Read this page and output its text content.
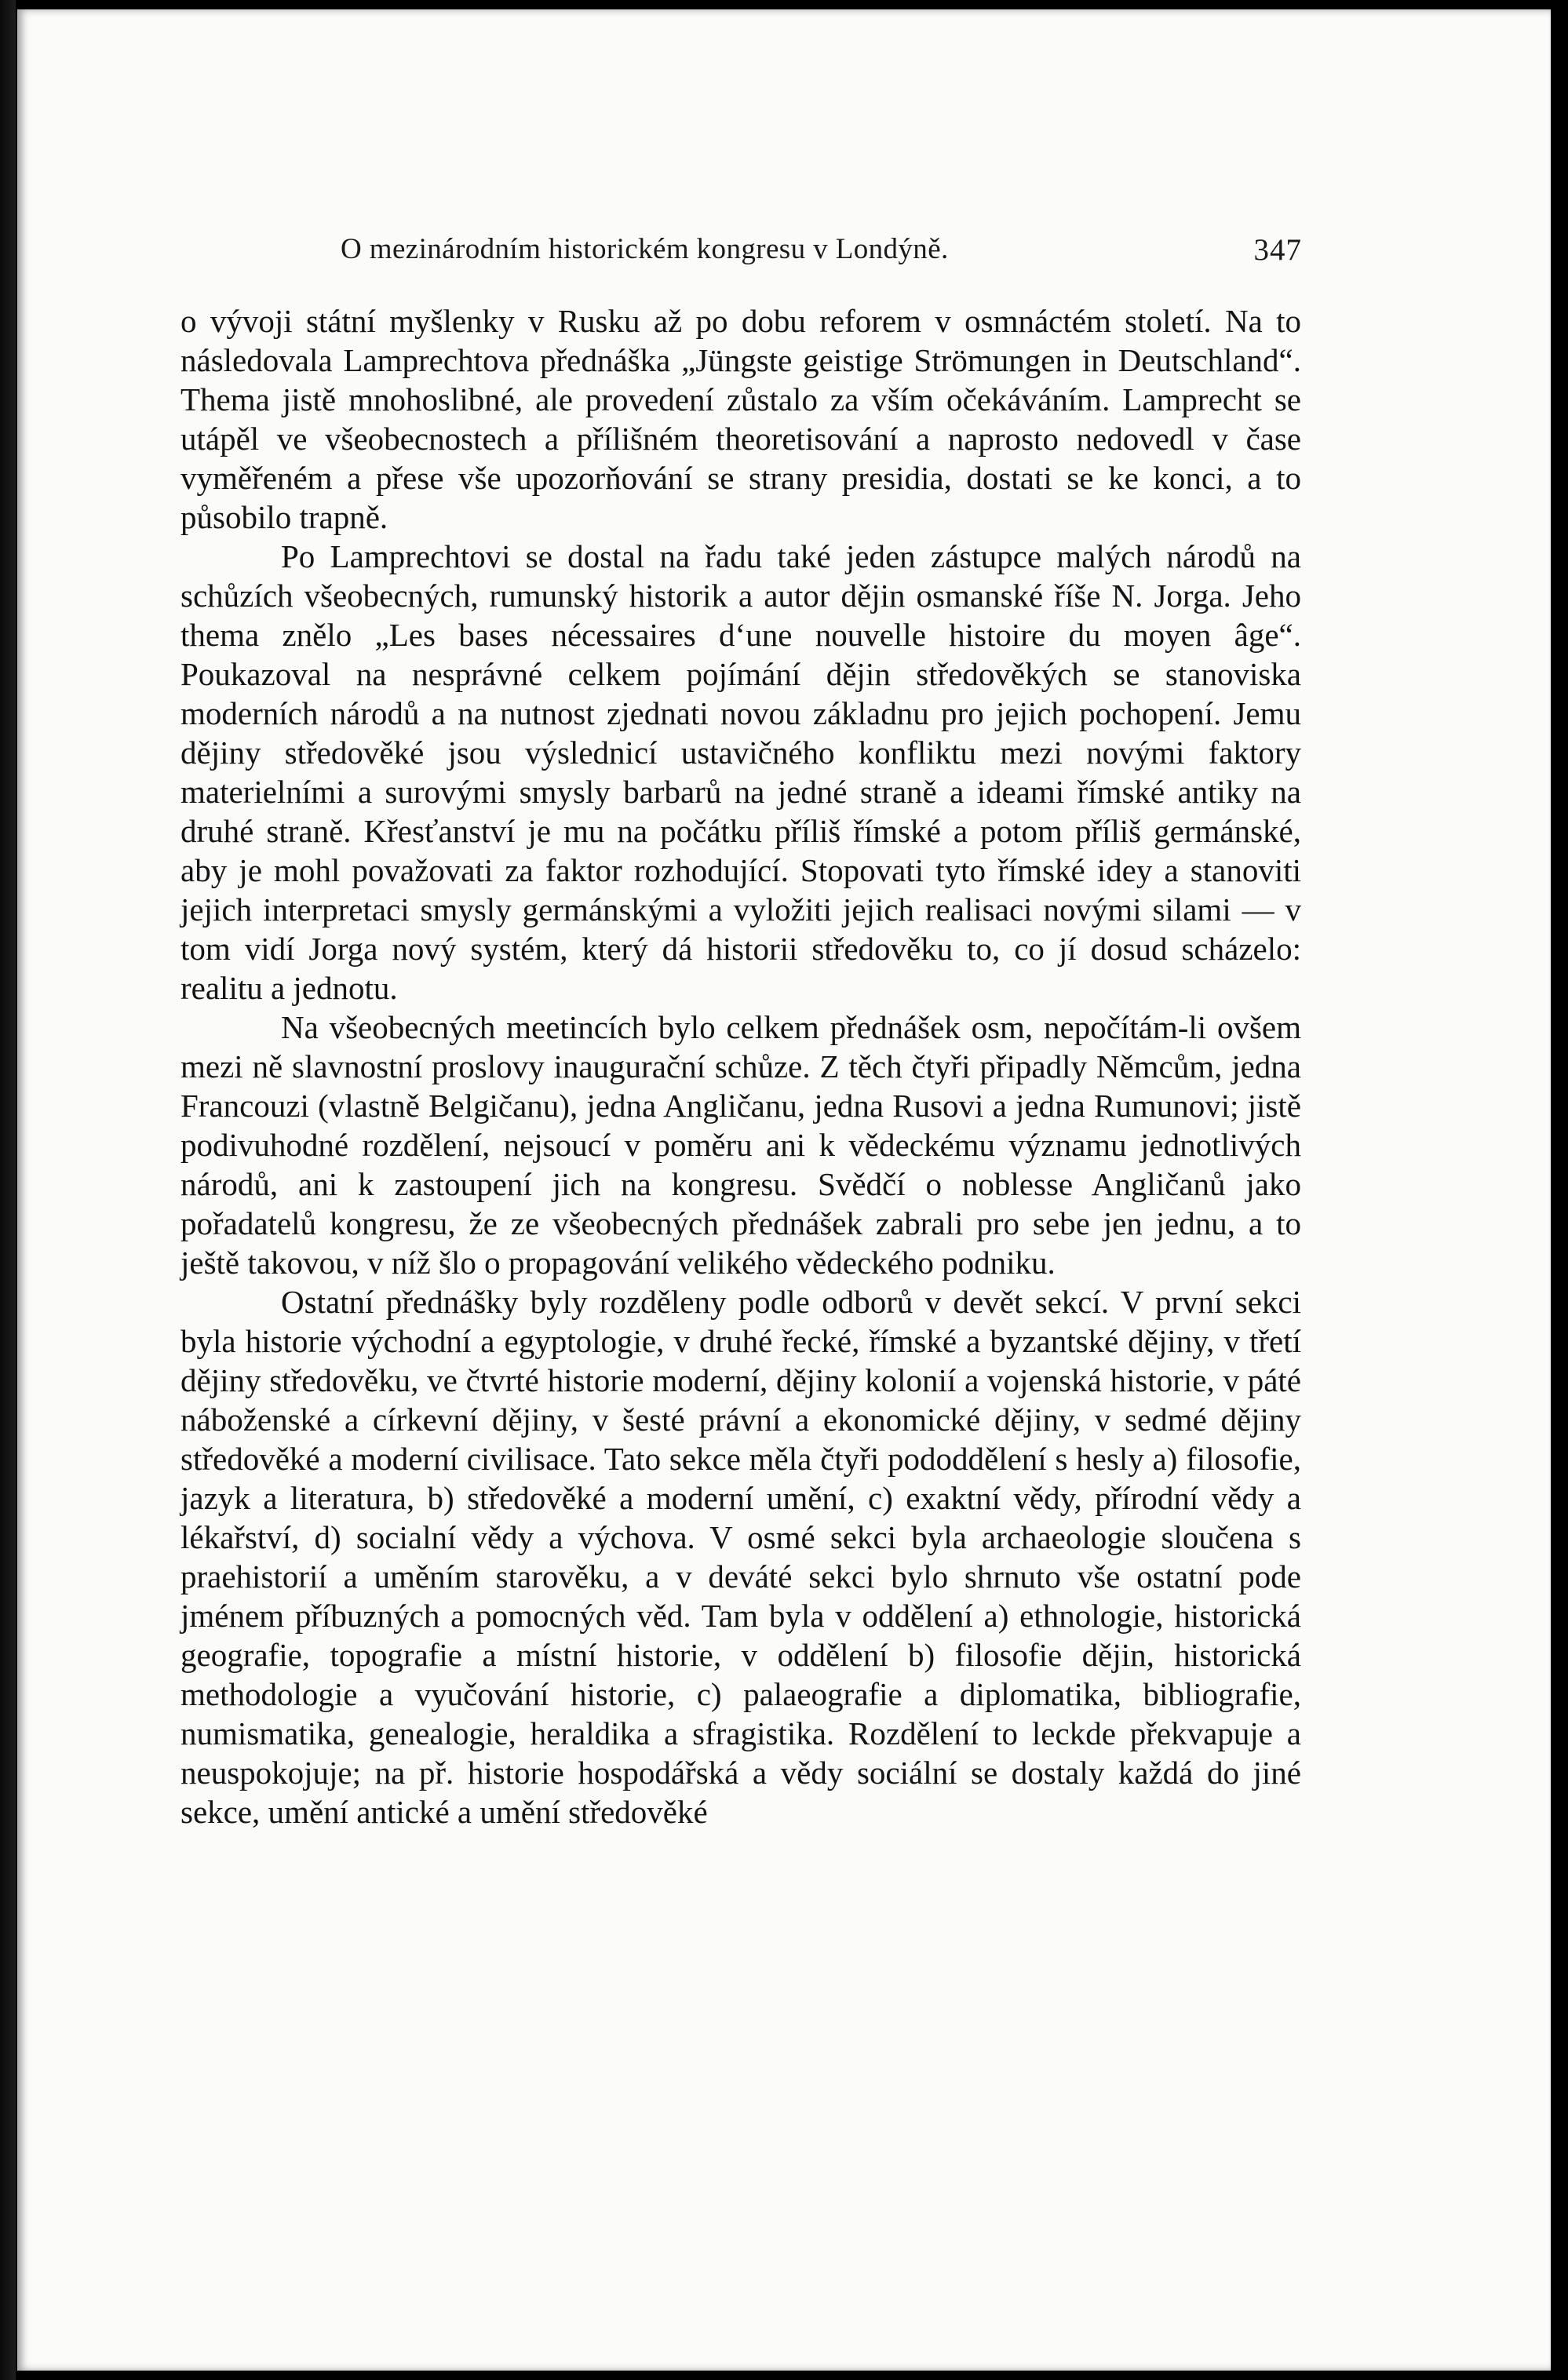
O mezinárodním historickém kongresu v Londýně.	347

o vývoji státní myšlenky v Rusku až po dobu reforem v osmnáctém století. Na to následovala Lamprechtova přednáška „Jüngste geistige Strömungen in Deutschland“. Thema jistě mnohoslibné, ale provedení zůstalo za vším očekáváním. Lamprecht se utápěl ve všeobecnostech a přílišném theoretisování a naprosto nedovedl v čase vyměřeném a přese vše upozorňování se strany presidia, dostati se ke konci, a to působilo trapně.

Po Lamprechtovi se dostal na řadu také jeden zástupce malých národů na schůzích všeobecných, rumunský historik a autor dějin osmanské říše N. Jorga. Jeho thema znělo „Les bases nécessaires d‘une nouvelle histoire du moyen âge“. Poukazoval na nesprávné celkem pojímání dějin středověkých se stanoviska moderních národů a na nutnost zjednati novou základnu pro jejich pochopení. Jemu dějiny středověké jsou výslednicí ustavičného konfliktu mezi novými faktory materielními a surovými smysly barbarů na jedné straně a ideami římské antiky na druhé straně. Křesťanství je mu na počátku příliš římské a potom příliš germánské, aby je mohl považovati za faktor rozhodující. Stopovati tyto římské idey a stanoviti jejich interpretaci smysly germánskými a vyložiti jejich realisaci novými silami — v tom vidí Jorga nový systém, který dá historii středověku to, co jí dosud scházelo: realitu a jednotu.

Na všeobecných meetincích bylo celkem přednášek osm, nepočítám-li ovšem mezi ně slavnostní proslovy inaugurační schůze. Z těch čtyři připadly Němcům, jedna Francouzi (vlastně Belgičanu), jedna Angličanu, jedna Rusovi a jedna Rumunovi; jistě podivuhodné rozdělení, nejsoucí v poměru ani k vědeckému významu jednotlivých národů, ani k zastoupení jich na kongresu. Svědčí o noblesse Angličanů jako pořadatelů kongresu, že ze všeobecných přednášek zabrali pro sebe jen jednu, a to ještě takovou, v níž šlo o propagování velikého vědeckého podniku.

Ostatní přednášky byly rozděleny podle odborů v devět sekcí. V první sekci byla historie východní a egyptologie, v druhé řecké, římské a byzantské dějiny, v třetí dějiny středověku, ve čtvrté historie moderní, dějiny kolonií a vojenská historie, v páté náboženské a církevní dějiny, v šesté právní a ekonomické dějiny, v sedmé dějiny středověké a moderní civilisace. Tato sekce měla čtyři pododdělení s hesly a) filosofie, jazyk a literatura, b) středověké a moderní umění, c) exaktní vědy, přírodní vědy a lékařství, d) socialní vědy a výchova. V osmé sekci byla archaeologie sloučena s praehistorií a uměním starověku, a v deváté sekci bylo shrnuto vše ostatní pode jménem příbuzných a pomocných věd. Tam byla v oddělení a) ethnologie, historická geografie, topografie a místní historie, v oddělení b) filosofie dějin, historická methodologie a vyučování historie, c) palaeografie a diplomatika, bibliografie, numismatika, genealogie, heraldika a sfragistika. Rozdělení to leckde překvapuje a neuspokojuje; na př. historie hospodářská a vědy sociální se dostaly každá do jiné sekce, umění antické a umění středověké
